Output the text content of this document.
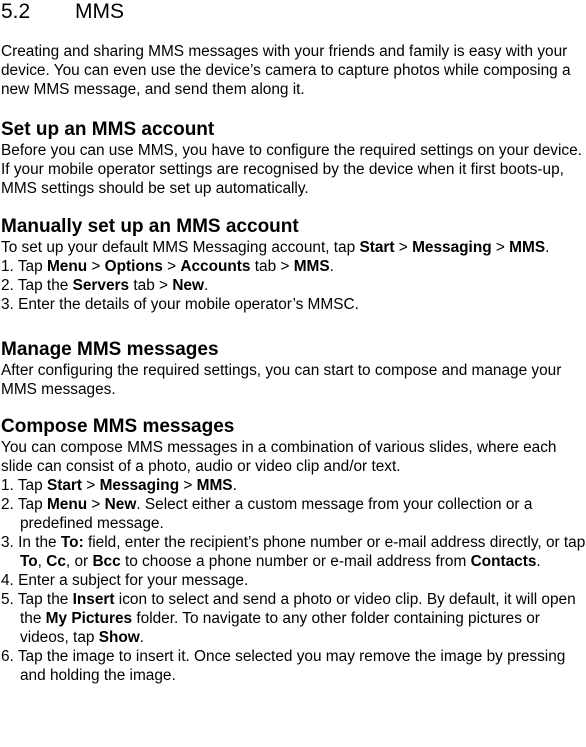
5.2 MMS

Creating and sharing MMS messages with your friends and family is easy with your device. You can even use the device’s camera to capture photos while composing a new MMS message, and send them along it.

Set up an MMS account

Before you can use MMS, you have to configure the required settings on your device. If your mobile operator settings are recognised by the device when it first boots-up, MMS settings should be set up automatically.

Manually set up an MMS account

To set up your default MMS Messaging account, tap Start > Messaging > MMS.

1. Tap Menu > Options > Accounts tab > MMS.
2. Tap the Servers tab > New.
3. Enter the details of your mobile operator’s MMSC.
Manage MMS messages

After configuring the required settings, you can start to compose and manage your MMS messages.

Compose MMS messages

You can compose MMS messages in a combination of various slides, where each slide can consist of a photo, audio or video clip and/or text.

1. Tap Start > Messaging > MMS.
2. Tap Menu > New. Select either a custom message from your collection or a predefined message.
3. In the To: field, enter the recipient’s phone number or e-mail address directly, or tap To, Cc, or Bcc to choose a phone number or e-mail address from Contacts.
4. Enter a subject for your message.
5. Tap the Insert icon to select and send a photo or video clip. By default, it will open the My Pictures folder. To navigate to any other folder containing pictures or videos, tap Show.
6. Tap the image to insert it. Once selected you may remove the image by pressing and holding the image.
